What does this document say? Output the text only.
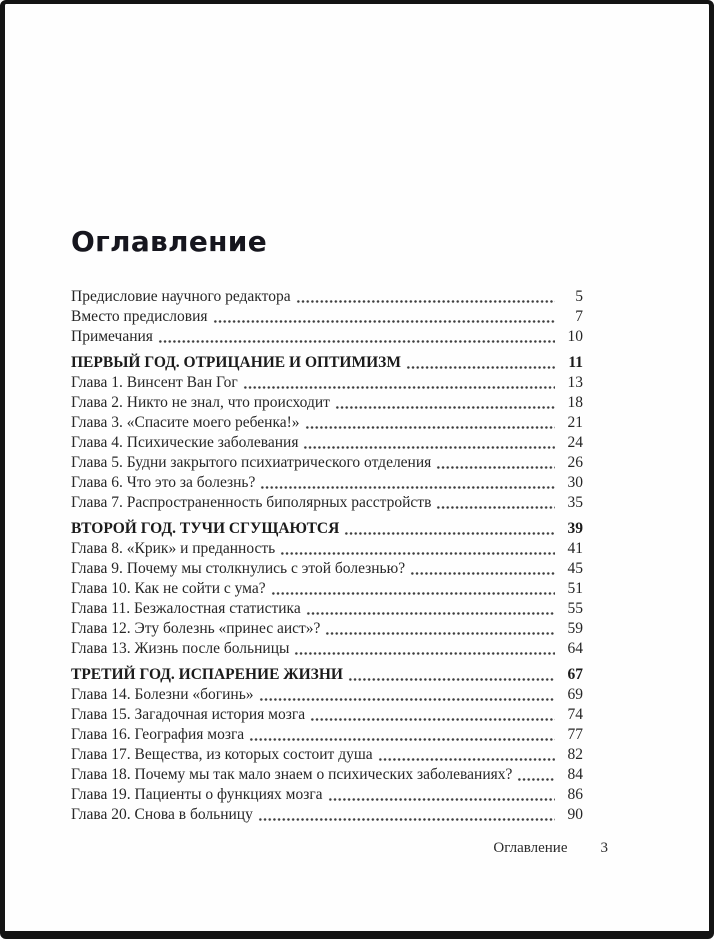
Оглавление
Предисловие научного редактора	5
Вместо предисловия	7
Примечания	10
ПЕРВЫЙ ГОД. ОТРИЦАНИЕ И ОПТИМИЗМ	11
Глава 1. Винсент Ван Гог	13
Глава 2. Никто не знал, что происходит	18
Глава 3. «Спасите моего ребенка!»	21
Глава 4. Психические заболевания	24
Глава 5. Будни закрытого психиатрического отделения	26
Глава 6. Что это за болезнь?	30
Глава 7. Распространенность биполярных расстройств	35
ВТОРОЙ ГОД. ТУЧИ СГУЩАЮТСЯ	39
Глава 8. «Крик» и преданность	41
Глава 9. Почему мы столкнулись с этой болезнью?	45
Глава 10. Как не сойти с ума?	51
Глава 11. Безжалостная статистика	55
Глава 12. Эту болезнь «принес аист»?	59
Глава 13. Жизнь после больницы	64
ТРЕТИЙ ГОД. ИСПАРЕНИЕ ЖИЗНИ	67
Глава 14. Болезни «богинь»	69
Глава 15. Загадочная история мозга	74
Глава 16. География мозга	77
Глава 17. Вещества, из которых состоит душа	82
Глава 18. Почему мы так мало знаем о психических заболеваниях?	84
Глава 19. Пациенты о функциях мозга	86
Глава 20. Снова в больницу	90
Оглавление 3
